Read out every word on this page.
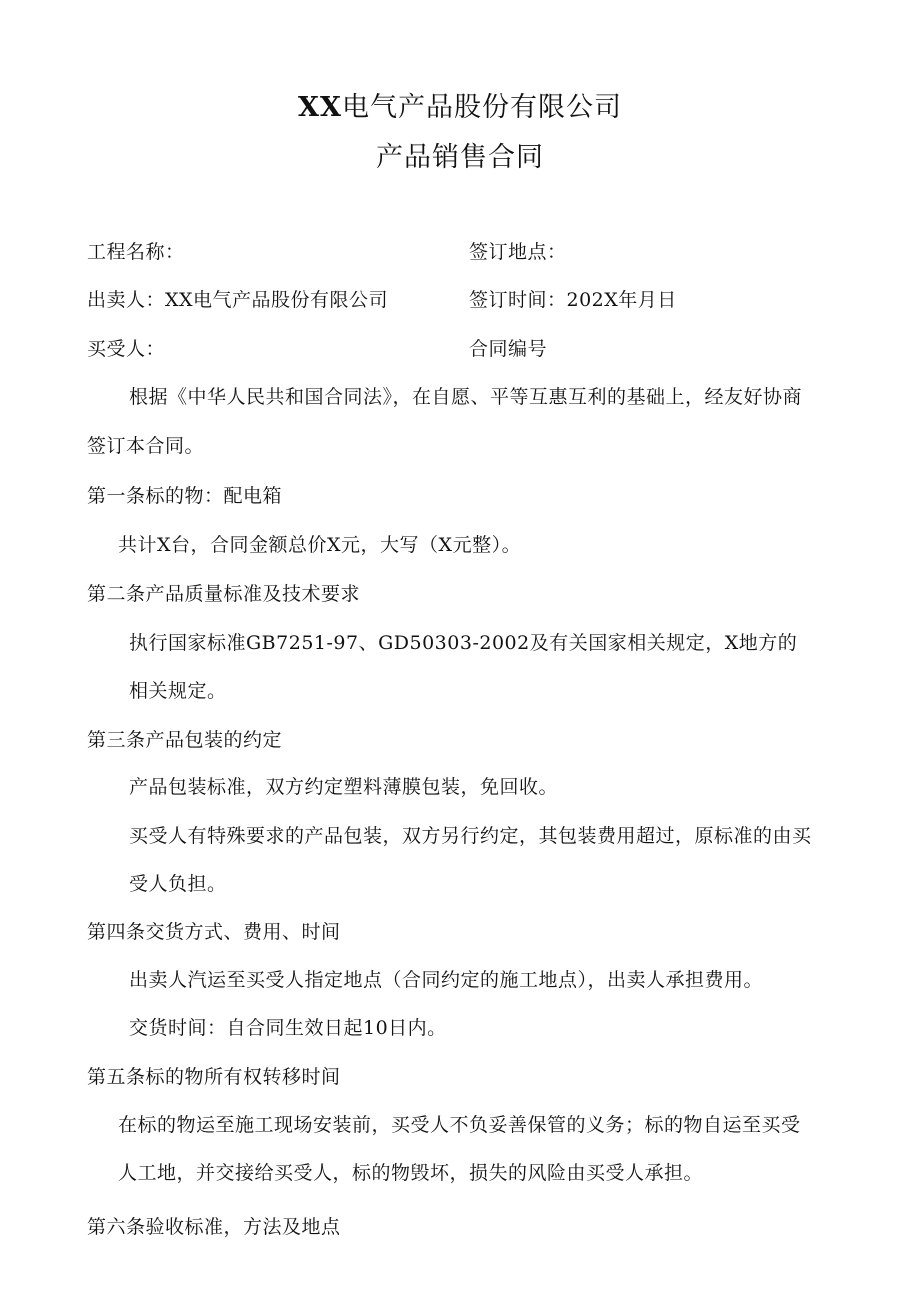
XX电气产品股份有限公司
产品销售合同
工程名称：	签订地点：
出卖人：XX电气产品股份有限公司	签订时间：202X年月日
买受人：	合同编号
根据《中华人民共和国合同法》，在自愿、平等互惠互利的基础上，经友好协商
签订本合同。
第一条标的物：配电箱
共计X台，合同金额总价X元，大写（X元整）。
第二条产品质量标准及技术要求
执行国家标准GB7251-97、GD50303-2002及有关国家相关规定，X地方的
相关规定。
第三条产品包装的约定
产品包装标准，双方约定塑料薄膜包装，免回收。
买受人有特殊要求的产品包装，双方另行约定，其包装费用超过，原标准的由买
受人负担。
第四条交货方式、费用、时间
出卖人汽运至买受人指定地点（合同约定的施工地点），出卖人承担费用。
交货时间：自合同生效日起10日内。
第五条标的物所有权转移时间
在标的物运至施工现场安装前，买受人不负妥善保管的义务；标的物自运至买受
人工地，并交接给买受人，标的物毁坏，损失的风险由买受人承担。
第六条验收标准，方法及地点
